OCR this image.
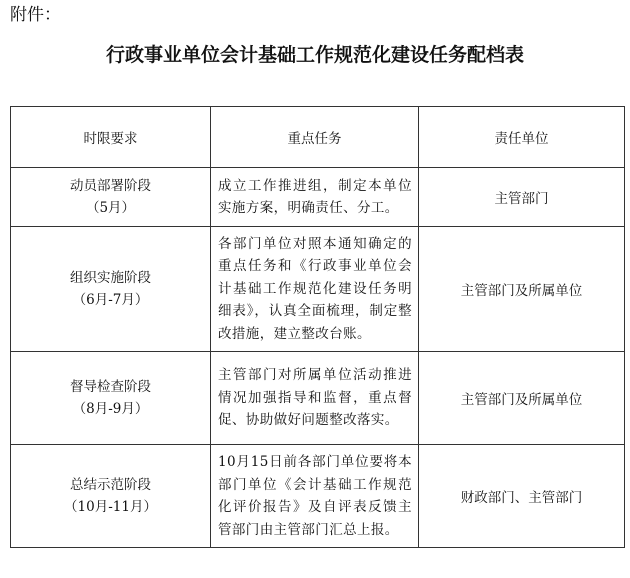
附件：
行政事业单位会计基础工作规范化建设任务配档表
时限要求	重点任务	责任单位

动员部署阶段
（5月）	成立工作推进组，制定本单位实施方案，明确责任、分工。	主管部门

组织实施阶段
（6月-7月）	各部门单位对照本通知确定的重点任务和《行政事业单位会计基础工作规范化建设任务明细表》，认真全面梳理，制定整改措施，建立整改台账。	主管部门及所属单位

督导检查阶段
（8月-9月）	主管部门对所属单位活动推进情况加强指导和监督，重点督促、协助做好问题整改落实。	主管部门及所属单位

总结示范阶段
（10月-11月）	10月15日前各部门单位要将本部门单位《会计基础工作规范化评价报告》及自评表反馈主管部门由主管部门汇总上报。	财政部门、主管部门
